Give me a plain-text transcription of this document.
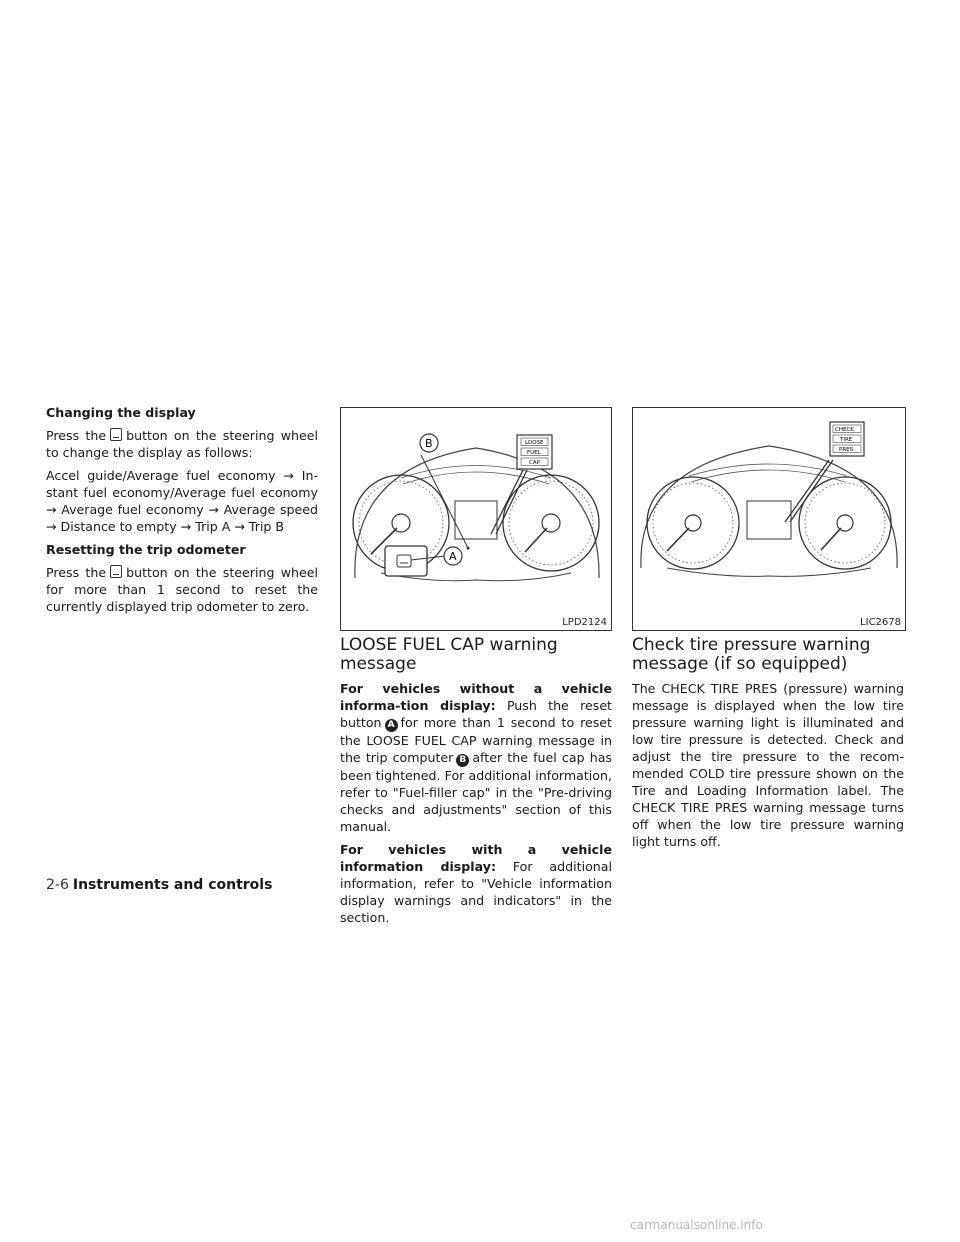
Changing the display

Press the button on the steering wheel to change the display as follows:

Accel guide/Average fuel economy → In-stant fuel economy/Average fuel economy → Average fuel economy → Average speed → Distance to empty → Trip A → Trip B

Resetting the trip odometer

Press the button on the steering wheel for more than 1 second to reset the currently displayed trip odometer to zero.

B	LOOSE
FUEL
CAP
A
LPD2124
CHECK
TIRE
PRES
LIC2678
LOOSE FUEL CAP warning message

For vehicles without a vehicle informa-tion display: Push the reset button A for more than 1 second to reset the LOOSE FUEL CAP warning message in the trip computer B after the fuel cap has been tightened. For additional information, refer to "Fuel-filler cap" in the "Pre-driving checks and adjustments" section of this manual.

For vehicles with a vehicle information display: For additional information, refer to "Vehicle information display warnings and indicators" in the section.

Check tire pressure warning message (if so equipped)

The CHECK TIRE PRES (pressure) warning message is displayed when the low tire pressure warning light is illuminated and low tire pressure is detected. Check and adjust the tire pressure to the recom-mended COLD tire pressure shown on the Tire and Loading Information label. The CHECK TIRE PRES warning message turns off when the low tire pressure warning light turns off.

2-6 Instruments and controls
carmanualsonline.info
